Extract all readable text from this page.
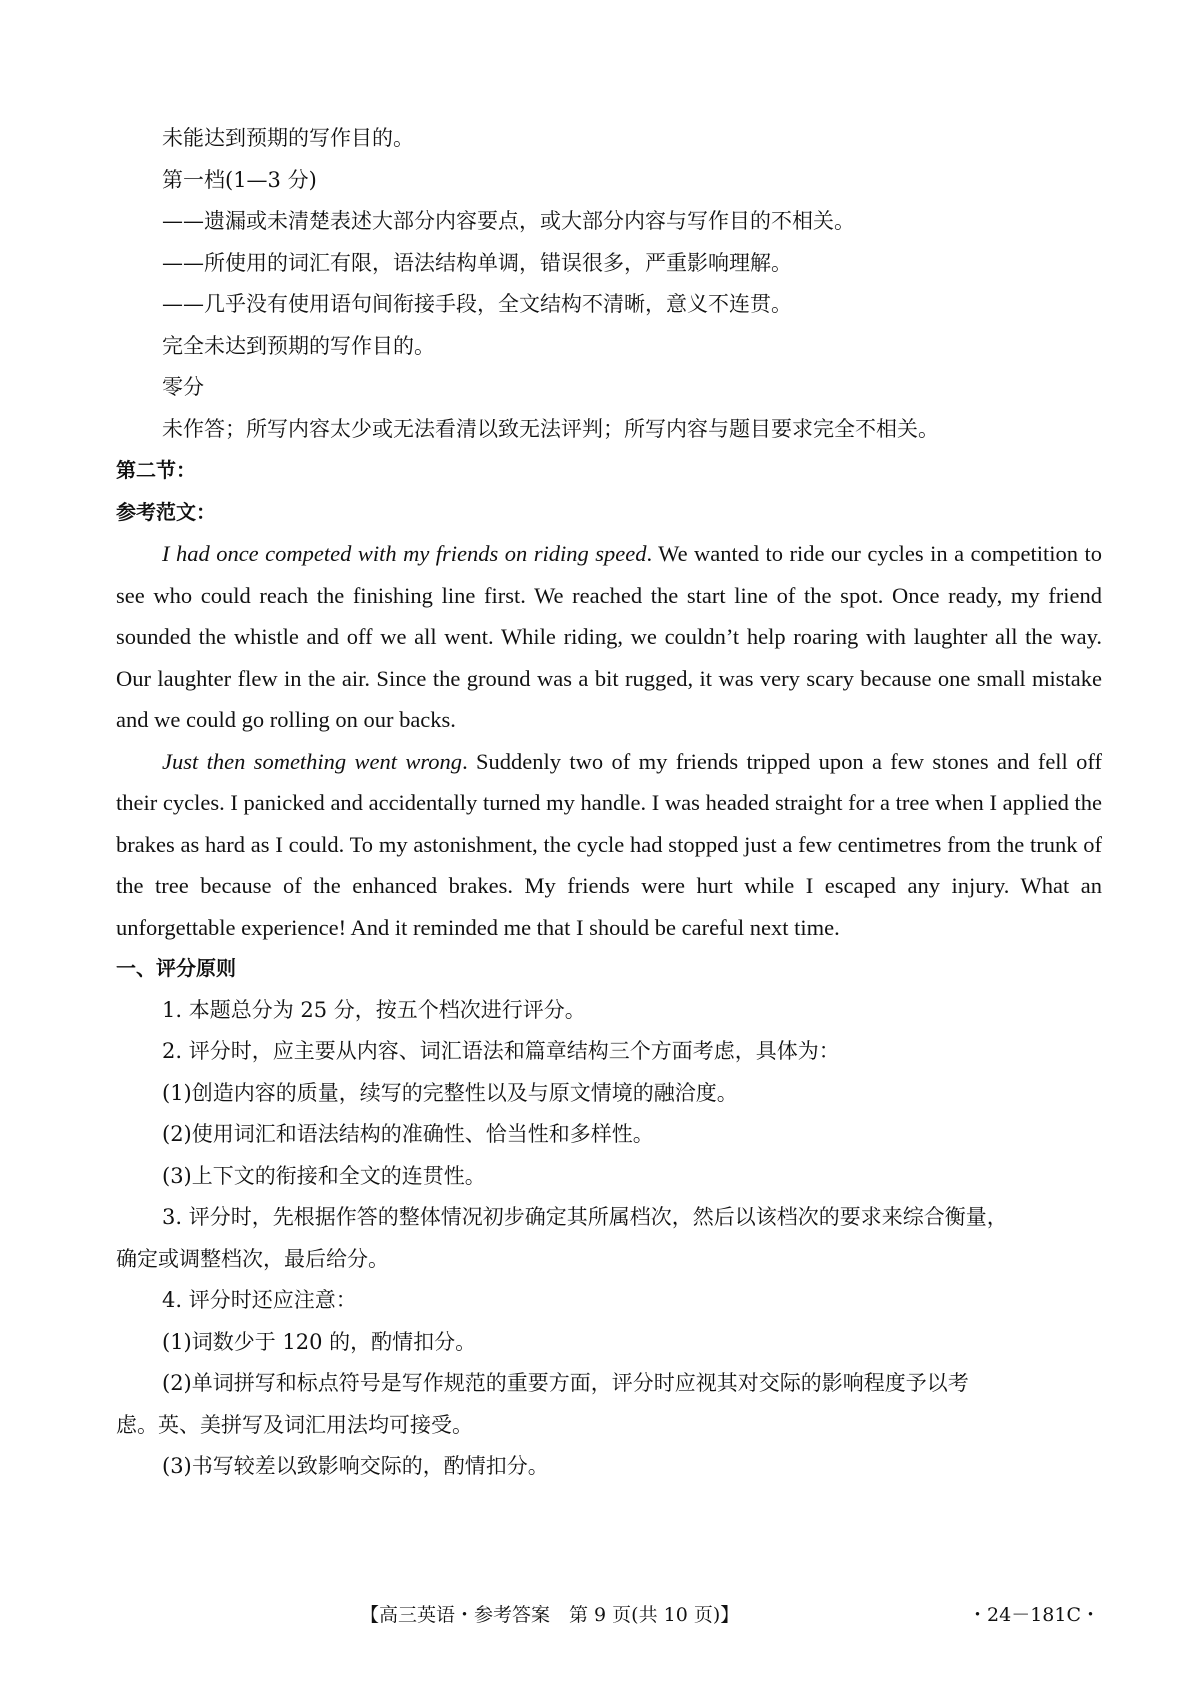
未能达到预期的写作目的。
第一档(1—3 分)
——遗漏或未清楚表述大部分内容要点，或大部分内容与写作目的不相关。
——所使用的词汇有限，语法结构单调，错误很多，严重影响理解。
——几乎没有使用语句间衔接手段，全文结构不清晰，意义不连贯。
完全未达到预期的写作目的。
零分
未作答；所写内容太少或无法看清以致无法评判；所写内容与题目要求完全不相关。
第二节：
参考范文：

I had once competed with my friends on riding speed. We wanted to ride our cycles in a competition to see who could reach the finishing line first. We reached the start line of the spot. Once ready, my friend sounded the whistle and off we all went. While riding, we couldn’t help roaring with laughter all the way. Our laughter flew in the air. Since the ground was a bit rugged, it was very scary because one small mistake and we could go rolling on our backs.

Just then something went wrong. Suddenly two of my friends tripped upon a few stones and fell off their cycles. I panicked and accidentally turned my handle. I was headed straight for a tree when I applied the brakes as hard as I could. To my astonishment, the cycle had stopped just a few centimetres from the trunk of the tree because of the enhanced brakes. My friends were hurt while I escaped any injury. What an unforgettable experience! And it reminded me that I should be careful next time.

一、评分原则
1. 本题总分为 25 分，按五个档次进行评分。
2. 评分时，应主要从内容、词汇语法和篇章结构三个方面考虑，具体为：
(1)创造内容的质量，续写的完整性以及与原文情境的融洽度。
(2)使用词汇和语法结构的准确性、恰当性和多样性。
(3)上下文的衔接和全文的连贯性。
3. 评分时，先根据作答的整体情况初步确定其所属档次，然后以该档次的要求来综合衡量，
确定或调整档次，最后给分。
4. 评分时还应注意：
(1)词数少于 120 的，酌情扣分。
(2)单词拼写和标点符号是写作规范的重要方面，评分时应视其对交际的影响程度予以考
虑。英、美拼写及词汇用法均可接受。
(3)书写较差以致影响交际的，酌情扣分。
【高三英语・参考答案　第 9 页(共 10 页)】	・24－181C・
